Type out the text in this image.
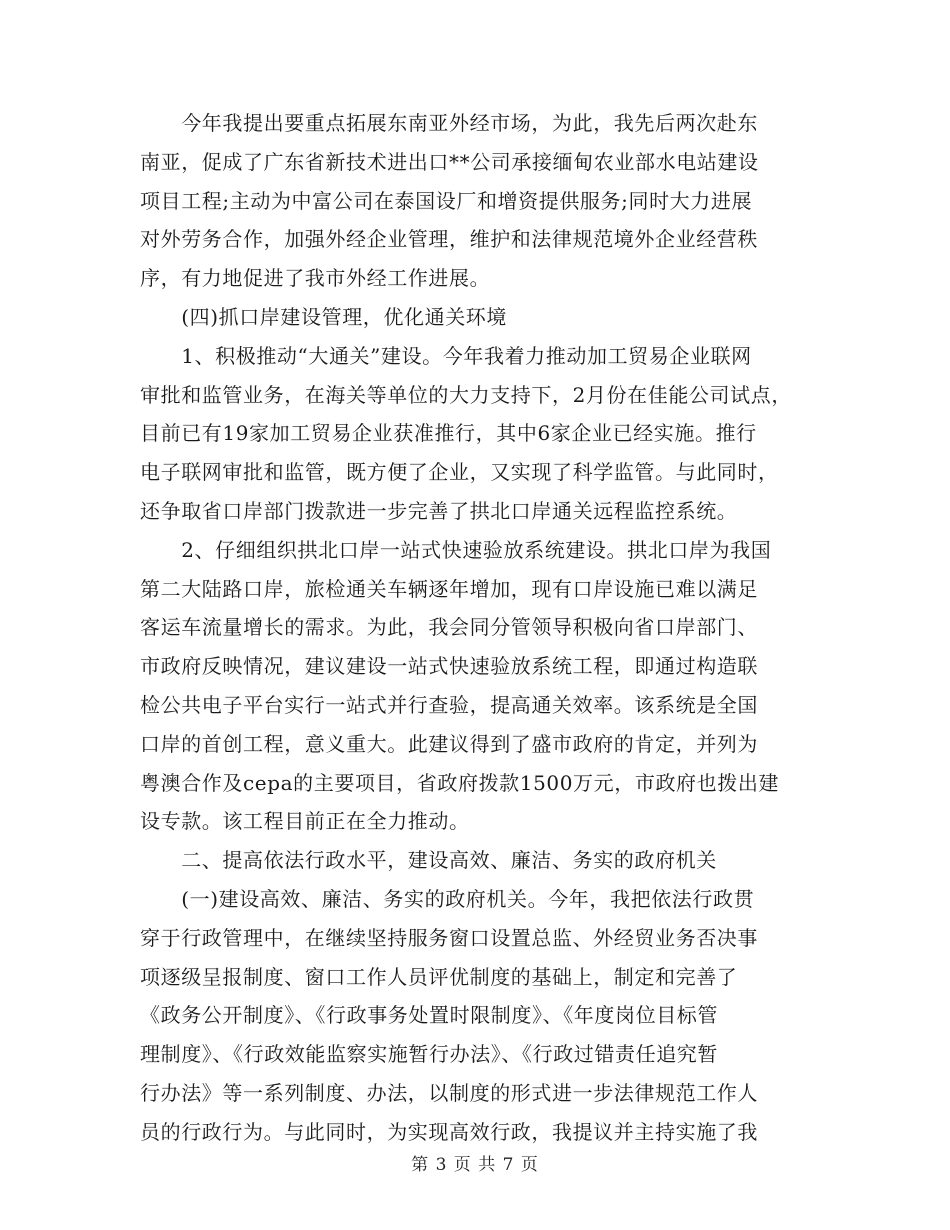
　　今年我提出要重点拓展东南亚外经市场，为此，我先后两次赴东
南亚，促成了广东省新技术进出口**公司承接缅甸农业部水电站建设
项目工程;主动为中富公司在泰国设厂和增资提供服务;同时大力进展
对外劳务合作，加强外经企业管理，维护和法律规范境外企业经营秩
序，有力地促进了我市外经工作进展。
　　(四)抓口岸建设管理，优化通关环境
　　1、积极推动“大通关”建设。今年我着力推动加工贸易企业联网
审批和监管业务，在海关等单位的大力支持下，2月份在佳能公司试点，
目前已有19家加工贸易企业获准推行，其中6家企业已经实施。推行
电子联网审批和监管，既方便了企业，又实现了科学监管。与此同时，
还争取省口岸部门拨款进一步完善了拱北口岸通关远程监控系统。
　　2、仔细组织拱北口岸一站式快速验放系统建设。拱北口岸为我国
第二大陆路口岸，旅检通关车辆逐年增加，现有口岸设施已难以满足
客运车流量增长的需求。为此，我会同分管领导积极向省口岸部门、
市政府反映情况，建议建设一站式快速验放系统工程，即通过构造联
检公共电子平台实行一站式并行查验，提高通关效率。该系统是全国
口岸的首创工程，意义重大。此建议得到了盛市政府的肯定，并列为
粤澳合作及cepa的主要项目，省政府拨款1500万元，市政府也拨出建
设专款。该工程目前正在全力推动。
　　二、提高依法行政水平，建设高效、廉洁、务实的政府机关
　　(一)建设高效、廉洁、务实的政府机关。今年，我把依法行政贯
穿于行政管理中，在继续坚持服务窗口设置总监、外经贸业务否决事
项逐级呈报制度、窗口工作人员评优制度的基础上，制定和完善了
《政务公开制度》、《行政事务处置时限制度》、《年度岗位目标管
理制度》、《行政效能监察实施暂行办法》、《行政过错责任追究暂
行办法》等一系列制度、办法，以制度的形式进一步法律规范工作人
员的行政行为。与此同时，为实现高效行政，我提议并主持实施了我
第 3 页 共 7 页
